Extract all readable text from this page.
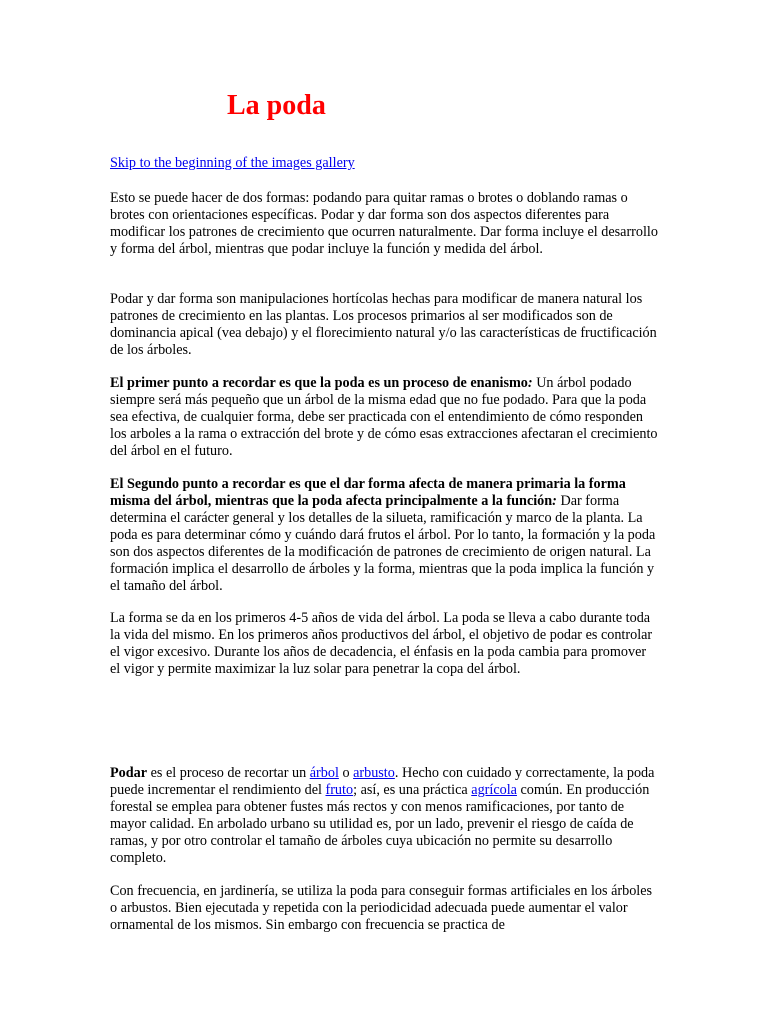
La poda
Skip to the beginning of the images gallery

Esto se puede hacer de dos formas: podando para quitar ramas o brotes o doblando ramas o brotes con orientaciones específicas. Podar y dar forma son dos aspectos diferentes para modificar los patrones de crecimiento que ocurren naturalmente. Dar forma incluye el desarrollo y forma del árbol, mientras que podar incluye la función y medida del árbol.

Podar y dar forma son manipulaciones hortícolas hechas para modificar de manera natural los patrones de crecimiento en las plantas. Los procesos primarios al ser modificados son de dominancia apical (vea debajo) y el florecimiento natural y/o las características de fructificación de los árboles.

El primer punto a recordar es que la poda es un proceso de enanismo: Un árbol podado siempre será más pequeño que un árbol de la misma edad que no fue podado. Para que la poda sea efectiva, de cualquier forma, debe ser practicada con el entendimiento de cómo responden los arboles a la rama o extracción del brote y de cómo esas extracciones afectaran el crecimiento del árbol en el futuro.

El Segundo punto a recordar es que el dar forma afecta de manera primaria la forma misma del árbol, mientras que la poda afecta principalmente a la función: Dar forma determina el carácter general y los detalles de la silueta, ramificación y marco de la planta. La poda es para determinar cómo y cuándo dará frutos el árbol. Por lo tanto, la formación y la poda son dos aspectos diferentes de la modificación de patrones de crecimiento de origen natural. La formación implica el desarrollo de árboles y la forma, mientras que la poda implica la función y el tamaño del árbol.

La forma se da en los primeros 4-5 años de vida del árbol. La poda se lleva a cabo durante toda la vida del mismo. En los primeros años productivos del árbol, el objetivo de podar es controlar el vigor excesivo. Durante los años de decadencia, el énfasis en la poda cambia para promover el vigor y permite maximizar la luz solar para penetrar la copa del árbol.

Podar es el proceso de recortar un árbol o arbusto. Hecho con cuidado y correctamente, la poda puede incrementar el rendimiento del fruto; así, es una práctica agrícola común. En producción forestal se emplea para obtener fustes más rectos y con menos ramificaciones, por tanto de mayor calidad. En arbolado urbano su utilidad es, por un lado, prevenir el riesgo de caída de ramas, y por otro controlar el tamaño de árboles cuya ubicación no permite su desarrollo completo.

Con frecuencia, en jardinería, se utiliza la poda para conseguir formas artificiales en los árboles o arbustos. Bien ejecutada y repetida con la periodicidad adecuada puede aumentar el valor ornamental de los mismos. Sin embargo con frecuencia se practica de
